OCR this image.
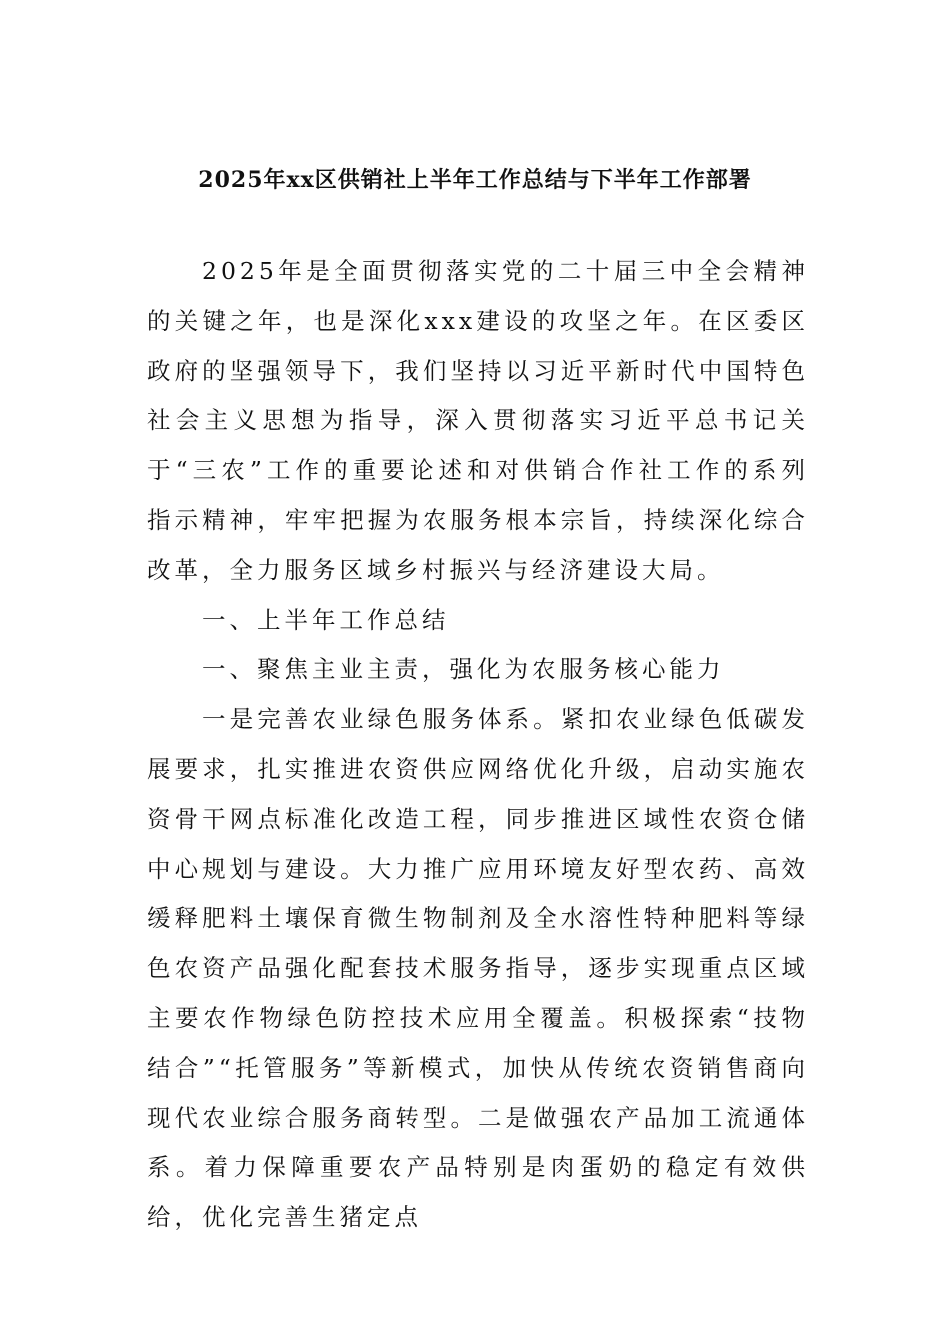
2025年xx区供销社上半年工作总结与下半年工作部署

2025年是全面贯彻落实党的二十届三中全会精神的关键之年，也是深化xxx建设的攻坚之年。在区委区政府的坚强领导下，我们坚持以习近平新时代中国特色社会主义思想为指导，深入贯彻落实习近平总书记关于“三农”工作的重要论述和对供销合作社工作的系列指示精神，牢牢把握为农服务根本宗旨，持续深化综合改革，全力服务区域乡村振兴与经济建设大局。

一、上半年工作总结

一、聚焦主业主责，强化为农服务核心能力

一是完善农业绿色服务体系。紧扣农业绿色低碳发展要求，扎实推进农资供应网络优化升级，启动实施农资骨干网点标准化改造工程，同步推进区域性农资仓储中心规划与建设。大力推广应用环境友好型农药、高效缓释肥料土壤保育微生物制剂及全水溶性特种肥料等绿色农资产品强化配套技术服务指导，逐步实现重点区域主要农作物绿色防控技术应用全覆盖。积极探索“技物结合”“托管服务”等新模式，加快从传统农资销售商向现代农业综合服务商转型。二是做强农产品加工流通体系。着力保障重要农产品特别是肉蛋奶的稳定有效供给，优化完善生猪定点
